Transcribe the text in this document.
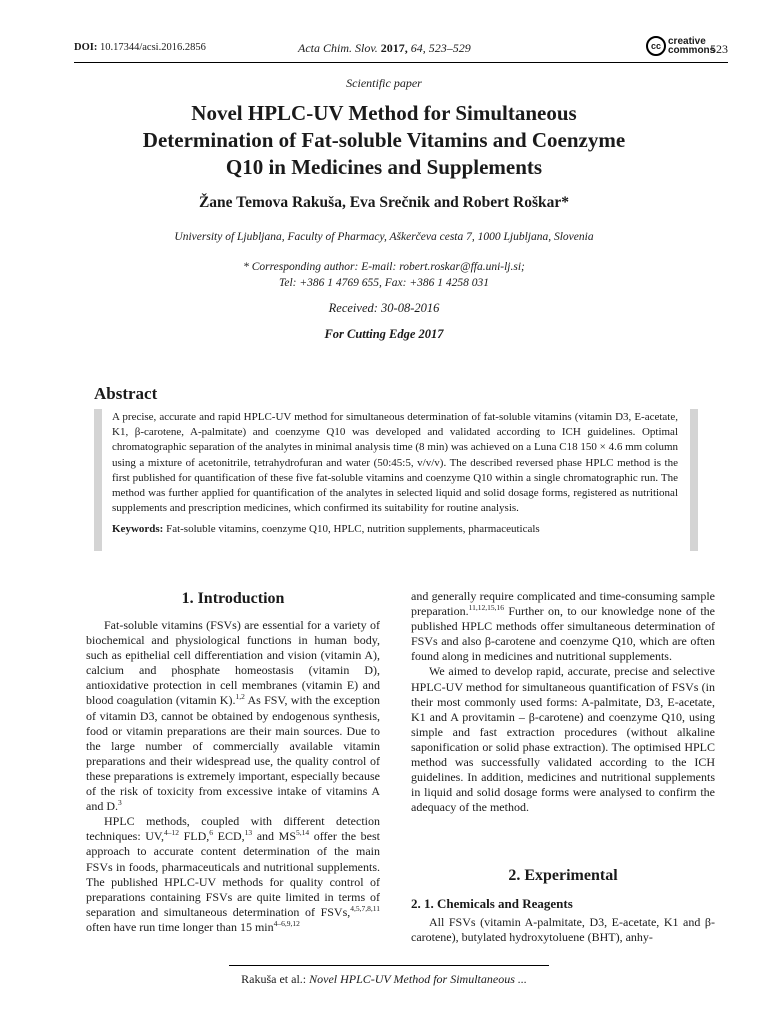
DOI: 10.17344/acsi.2016.2856	Acta Chim. Slov. 2017, 64, 523–529	cc creative
commons
523
Scientific paper
Novel HPLC-UV Method for Simultaneous
Determination of Fat-soluble Vitamins and Coenzyme
Q10 in Medicines and Supplements
Žane Temova Rakuša, Eva Srečnik and Robert Roškar*
University of Ljubljana, Faculty of Pharmacy, Aškerčeva cesta 7, 1000 Ljubljana, Slovenia
* Corresponding author: E-mail: robert.roskar@ffa.uni-lj.si;
Tel: +386 1 4769 655, Fax: +386 1 4258 031
Received: 30-08-2016
For Cutting Edge 2017
Abstract
A precise, accurate and rapid HPLC-UV method for simultaneous determination of fat-soluble vitamins (vitamin D3, E-acetate, K1, β-carotene, A-palmitate) and coenzyme Q10 was developed and validated according to ICH guidelines. Optimal chromatographic separation of the analytes in minimal analysis time (8 min) was achieved on a Luna C18 150 × 4.6 mm column using a mixture of acetonitrile, tetrahydrofuran and water (50:45:5, v/v/v). The described reversed phase HPLC method is the first published for quantification of these five fat-soluble vitamins and coenzyme Q10 within a single chromatographic run. The method was further applied for quantification of the analytes in selected liquid and solid dosage forms, registered as nutritional supplements and prescription medicines, which confirmed its suitability for routine analysis.
Keywords: Fat-soluble vitamins, coenzyme Q10, HPLC, nutrition supplements, pharmaceuticals
1. Introduction

Fat-soluble vitamins (FSVs) are essential for a variety of biochemical and physiological functions in human body, such as epithelial cell differentiation and vision (vitamin A), calcium and phosphate homeostasis (vitamin D), antioxidative protection in cell membranes (vitamin E) and blood coagulation (vitamin K).$^{1,2}$ As FSV, with the exception of vitamin D3, cannot be obtained by endogenous synthesis, food or vitamin preparations are their main sources. Due to the large number of commercially available vitamin preparations and their widespread use, the quality control of these preparations is extremely important, especially because of the risk of toxicity from excessive intake of vitamins A and D.$^3$

HPLC methods, coupled with different detection techniques: UV,$^{4-12}$ FLD,$^6$ ECD,$^{13}$ and MS$^{5,14}$ offer the best approach to accurate content determination of the main FSVs in foods, pharmaceuticals and nutritional supplements. The published HPLC-UV methods for quality control of preparations containing FSVs are quite limited in terms of separation and simultaneous determination of FSVs,$^{4,5,7,8,11}$ often have run time longer than 15 $\min^{4-6,9,12}$

and generally require complicated and time-consuming sample preparation.$^{11,12,15,16}$ Further on, to our knowledge none of the published HPLC methods offer simultaneous determination of FSVs and also β-carotene and coenzyme Q10, which are often found along in medicines and nutritional supplements.

We aimed to develop rapid, accurate, precise and selective HPLC-UV method for simultaneous quantification of FSVs (in their most commonly used forms: A-palmitate, D3, E-acetate, K1 and A provitamin – β-carotene) and coenzyme Q10, using simple and fast extraction procedures (without alkaline saponification or solid phase extraction). The optimised HPLC method was successfully validated according to the ICH guidelines. In addition, medicines and nutritional supplements in liquid and solid dosage forms were analysed to confirm the adequacy of the method.

2. Experimental
2. 1. Chemicals and Reagents

All FSVs (vitamin A-palmitate, D3, E-acetate, K1 and β-carotene), butylated hydroxytoluene (BHT), anhy-

Rakuša et al.: Novel HPLC-UV Method for Simultaneous ...
